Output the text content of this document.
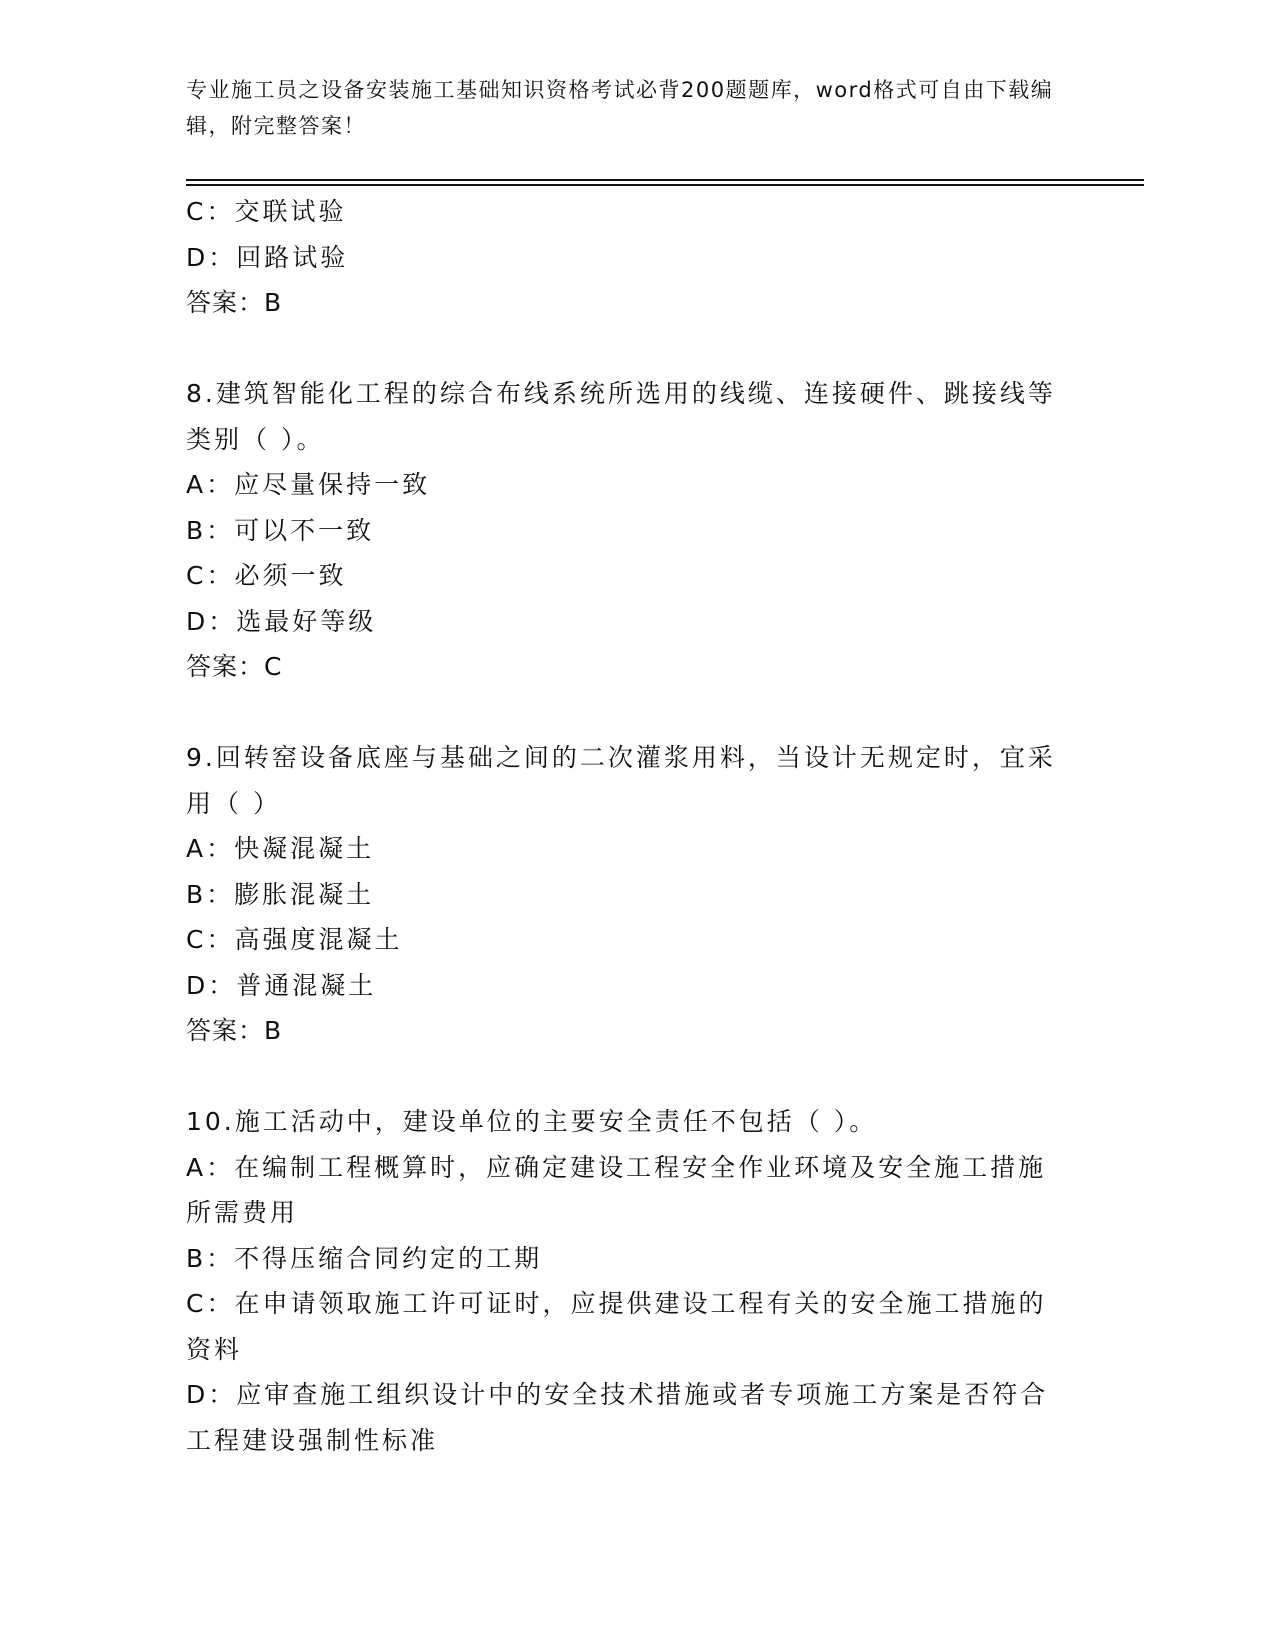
专业施工员之设备安装施工基础知识资格考试必背200题题库，word格式可自由下载编辑，附完整答案！
C：交联试验
D：回路试验
答案：B
8.建筑智能化工程的综合布线系统所选用的线缆、连接硬件、跳接线等类别（ ）。
A：应尽量保持一致
B：可以不一致
C：必须一致
D：选最好等级
答案：C
9.回转窑设备底座与基础之间的二次灌浆用料，当设计无规定时，宜采用（ ）
A：快凝混凝土
B：膨胀混凝土
C：高强度混凝土
D：普通混凝土
答案：B
10.施工活动中，建设单位的主要安全责任不包括（ ）。
A：在编制工程概算时，应确定建设工程安全作业环境及安全施工措施所需费用
B：不得压缩合同约定的工期
C：在申请领取施工许可证时，应提供建设工程有关的安全施工措施的资料
D：应审查施工组织设计中的安全技术措施或者专项施工方案是否符合工程建设强制性标准
